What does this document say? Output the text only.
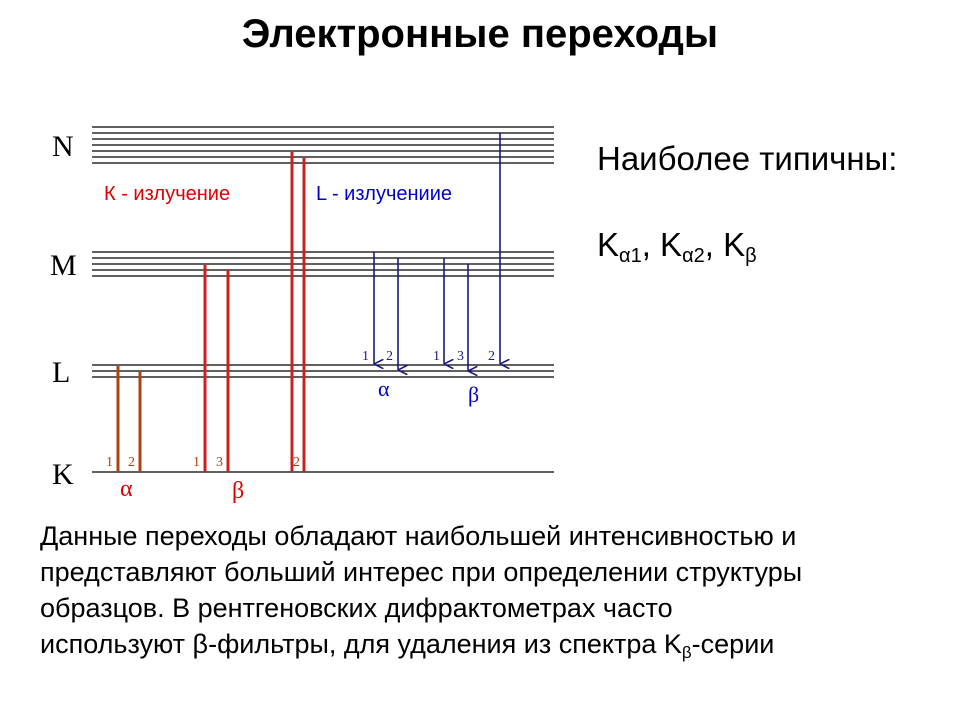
Электронные переходы
N
M
L
K
К - излучение	L - излучениие
1 2	1 3	2
α	β
1 2	1 3 2
α	β
Наиболее типичны:
$K_{\alpha 1}$, $K_{\alpha 2}$, $K_\beta$
Данные переходы обладают наибольшей интенсивностью и
представляют больший интерес при определении структуры
образцов. В рентгеновских дифрактометрах часто
используют β-фильтры, для удаления из спектра $K_\beta$-серии
